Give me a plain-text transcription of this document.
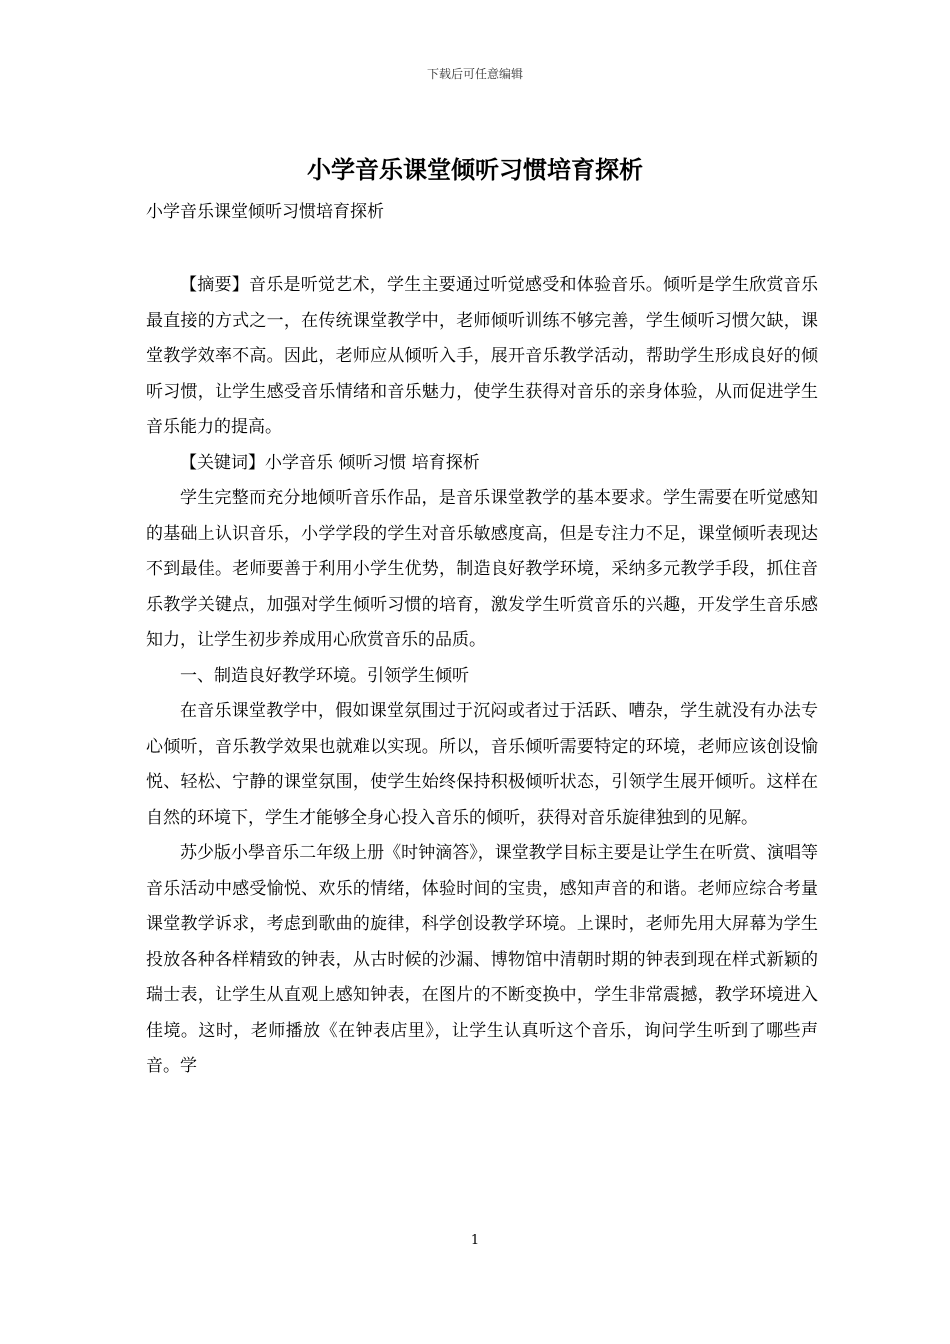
下载后可任意编辑
小学音乐课堂倾听习惯培育探析

小学音乐课堂倾听习惯培育探析

【摘要】音乐是听觉艺术，学生主要通过听觉感受和体验音乐。倾听是学生欣赏音乐最直接的方式之一，在传统课堂教学中，老师倾听训练不够完善，学生倾听习惯欠缺，课堂教学效率不高。因此，老师应从倾听入手，展开音乐教学活动，帮助学生形成良好的倾听习惯，让学生感受音乐情绪和音乐魅力，使学生获得对音乐的亲身体验，从而促进学生音乐能力的提高。

【关键词】小学音乐 倾听习惯 培育探析

学生完整而充分地倾听音乐作品，是音乐课堂教学的基本要求。学生需要在听觉感知的基础上认识音乐，小学学段的学生对音乐敏感度高，但是专注力不足，课堂倾听表现达不到最佳。老师要善于利用小学生优势，制造良好教学环境，采纳多元教学手段，抓住音乐教学关键点，加强对学生倾听习惯的培育，激发学生听赏音乐的兴趣，开发学生音乐感知力，让学生初步养成用心欣赏音乐的品质。

一、制造良好教学环境。引领学生倾听

在音乐课堂教学中，假如课堂氛围过于沉闷或者过于活跃、嘈杂，学生就没有办法专心倾听，音乐教学效果也就难以实现。所以，音乐倾听需要特定的环境，老师应该创设愉悦、轻松、宁静的课堂氛围，使学生始终保持积极倾听状态，引领学生展开倾听。这样在自然的环境下，学生才能够全身心投入音乐的倾听，获得对音乐旋律独到的见解。

苏少版小學音乐二年级上册《时钟滴答》，课堂教学目标主要是让学生在听赏、演唱等音乐活动中感受愉悦、欢乐的情绪，体验时间的宝贵，感知声音的和谐。老师应综合考量课堂教学诉求，考虑到歌曲的旋律，科学创设教学环境。上课时，老师先用大屏幕为学生投放各种各样精致的钟表，从古时候的沙漏、博物馆中清朝时期的钟表到现在样式新颖的瑞士表，让学生从直观上感知钟表，在图片的不断变换中，学生非常震撼，教学环境进入佳境。这时，老师播放《在钟表店里》，让学生认真听这个音乐，询问学生听到了哪些声音。学

1
